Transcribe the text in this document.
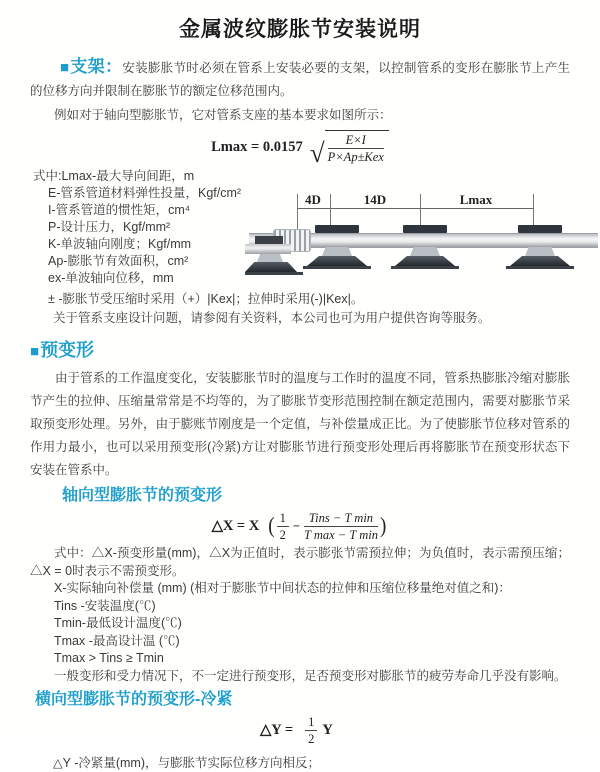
金属波纹膨胀节安装说明
■支架：安装膨胀节时必须在管系上安装必要的支架，以控制管系的变形在膨胀节上产生的位移方向并限制在膨胀节的额定位移范围内。
例如对于轴向型膨胀节，它对管系支座的基本要求如图所示：
Lmax = 0.0157 √ $\frac{E\times I}{\text{P×Ap±Kex}}$
式中:Lmax-最大导向间距，m
E-管系管道材料弹性投量，Kgf/cm²
I-管系管道的惯性矩，cm⁴
P-设计压力，Kgf/mm²
K-单波轴向刚度；Kgf/mm
Ap-膨胀节有效面积，cm²
ex-单波轴向位移，mm
± -膨胀节受压缩时采用（+）|Kex|；拉伸时采用(-)|Kex|。
关于管系支座设计问题，请参阅有关资料，本公司也可为用户提供咨询等服务。
4D	14D	Lmax
■预变形
由于管系的工作温度变化，安装膨胀节时的温度与工作时的温度不同，管系热膨胀冷缩对膨胀节产生的拉伸、压缩量常常是不均等的，为了膨胀节变形范围控制在额定范围内，需要对膨胀节采取预变形处理。另外，由于膨账节刚度是一个定值，与补偿量成正比。为了使膨胀节位移对管系的作用力最小，也可以采用预变形(冷紧)方让对膨胀节进行预变形处理后再将膨胀节在预变形状态下安装在管系中。
轴向型膨胀节的预变形
△X = X ( $\frac{1}{2} - \frac{\text{Tins − T min}}{\text{T max − T min}}$ )
式中：△X-预变形量(mm)，△X为正值时，表示膨张节需预拉伸；为负值时，表示需预压缩；△X = 0时表示不需预变形。
X-实际轴向补偿量 (mm) (相对于膨胀节中间状态的拉伸和压缩位移量绝对值之和)：
Tins -安装温度(℃)
Tmin-最低设计温度(℃)
Tmax -最高设计温 (℃)
Tmax > Tins ≥ Tmin
一般变形和受力情况下，不一定进行预变形，足否预变形对膨胀节的疲劳寿命几乎没有影响。
横向型膨胀节的预变形-冷紧
△Y = $\frac{1}{2}$ Y
△Y -冷紧量(mm)，与膨胀节实际位移方向相反；
